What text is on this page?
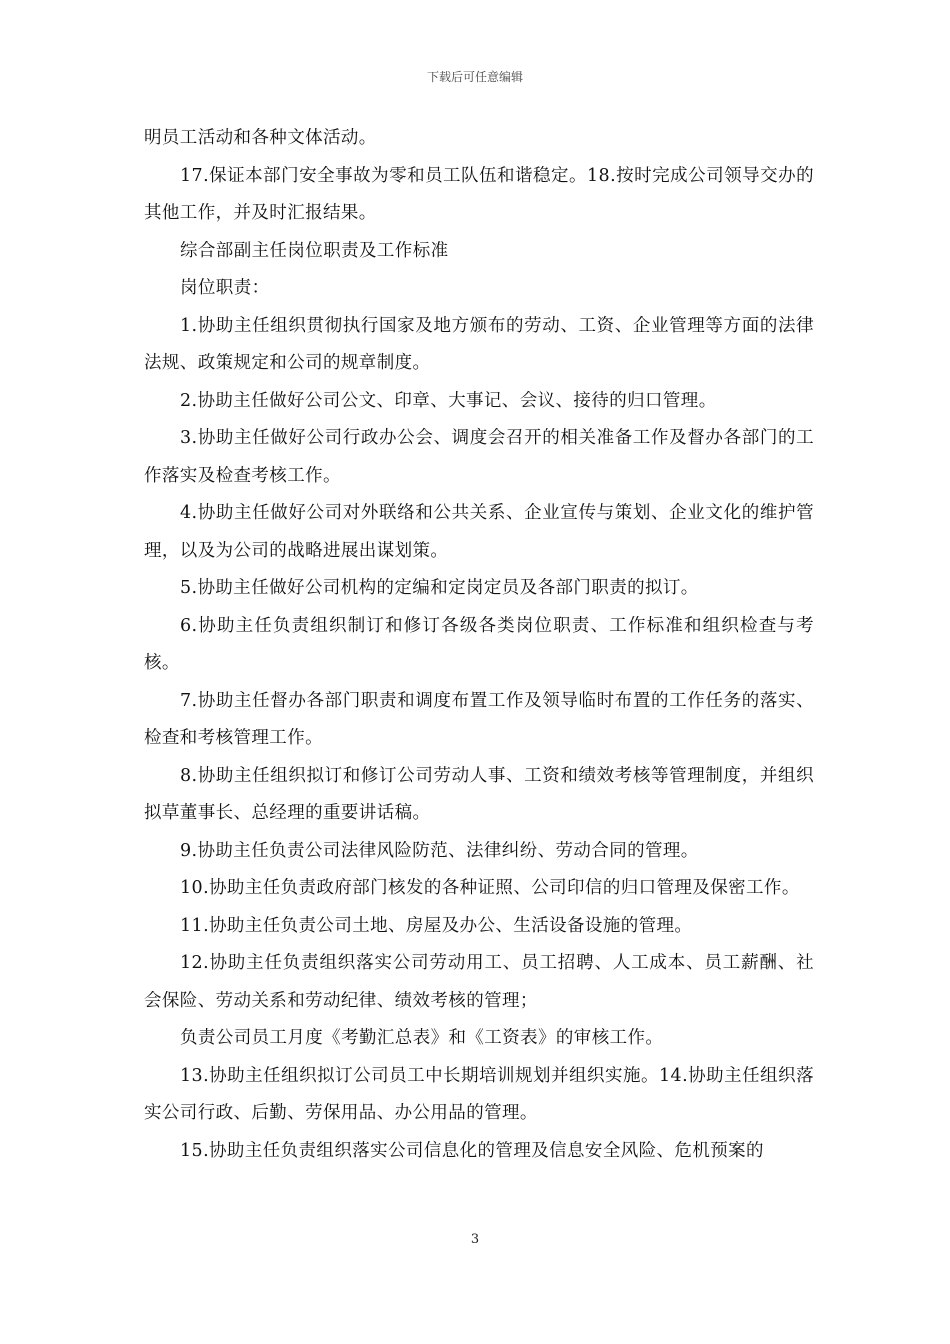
下载后可任意编辑

明员工活动和各种文体活动。

17.保证本部门安全事故为零和员工队伍和谐稳定。18.按时完成公司领导交办的其他工作，并及时汇报结果。

综合部副主任岗位职责及工作标准

岗位职责：

1.协助主任组织贯彻执行国家及地方颁布的劳动、工资、企业管理等方面的法律法规、政策规定和公司的规章制度。

2.协助主任做好公司公文、印章、大事记、会议、接待的归口管理。

3.协助主任做好公司行政办公会、调度会召开的相关准备工作及督办各部门的工作落实及检查考核工作。

4.协助主任做好公司对外联络和公共关系、企业宣传与策划、企业文化的维护管理，以及为公司的战略进展出谋划策。

5.协助主任做好公司机构的定编和定岗定员及各部门职责的拟订。

6.协助主任负责组织制订和修订各级各类岗位职责、工作标准和组织检查与考核。

7.协助主任督办各部门职责和调度布置工作及领导临时布置的工作任务的落实、检查和考核管理工作。

8.协助主任组织拟订和修订公司劳动人事、工资和绩效考核等管理制度，并组织拟草董事长、总经理的重要讲话稿。

9.协助主任负责公司法律风险防范、法律纠纷、劳动合同的管理。

10.协助主任负责政府部门核发的各种证照、公司印信的归口管理及保密工作。

11.协助主任负责公司土地、房屋及办公、生活设备设施的管理。

12.协助主任负责组织落实公司劳动用工、员工招聘、人工成本、员工薪酬、社会保险、劳动关系和劳动纪律、绩效考核的管理；

负责公司员工月度《考勤汇总表》和《工资表》的审核工作。

13.协助主任组织拟订公司员工中长期培训规划并组织实施。14.协助主任组织落实公司行政、后勤、劳保用品、办公用品的管理。

15.协助主任负责组织落实公司信息化的管理及信息安全风险、危机预案的

3
